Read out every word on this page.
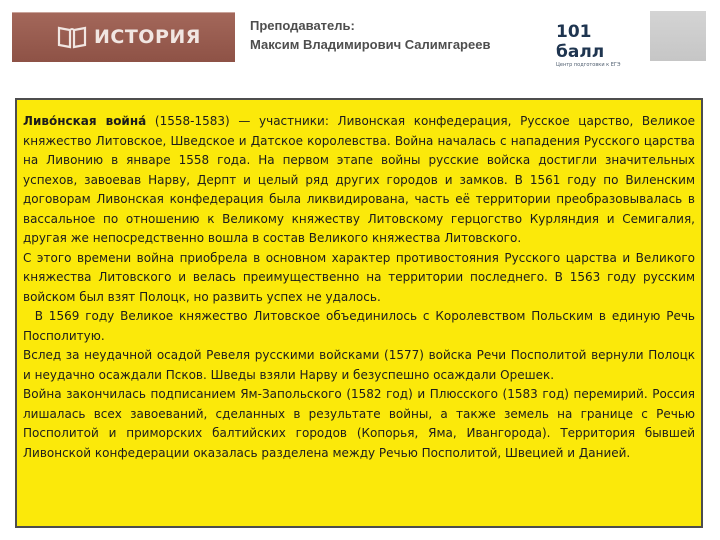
ИСТОРИЯ
Преподаватель:
Максим Владимирович Салимгареев
101 балл
Центр подготовки к ЕГЭ

Ливо́нская война́ (1558-1583) — участники: Ливонская конфедерация, Русское царство, Великое княжество Литовское, Шведское и Датское королевства. Война началась с нападения Русского царства на Ливонию в январе 1558 года. На первом этапе войны русские войска достигли значительных успехов, завоевав Нарву, Дерпт и целый ряд других городов и замков. В 1561 году по Виленским договорам Ливонская конфедерация была ликвидирована, часть её территории преобразовывалась в вассальное по отношению к Великому княжеству Литовскому герцогство Курляндия и Семигалия, другая же непосредственно вошла в состав Великого княжества Литовского.

С этого времени война приобрела в основном характер противостояния Русского царства и Великого княжества Литовского и велась преимущественно на территории последнего. В 1563 году русским войском был взят Полоцк, но развить успех не удалось.

В 1569 году Великое княжество Литовское объединилось с Королевством Польским в единую Речь Посполитую.

Вслед за неудачной осадой Ревеля русскими войсками (1577) войска Речи Посполитой вернули Полоцк и неудачно осаждали Псков. Шведы взяли Нарву и безуспешно осаждали Орешек.

Война закончилась подписанием Ям-Запольского (1582 год) и Плюсского (1583 год) перемирий. Россия лишалась всех завоеваний, сделанных в результате войны, а также земель на границе с Речью Посполитой и приморских балтийских городов (Копорья, Яма, Ивангорода). Территория бывшей Ливонской конфедерации оказалась разделена между Речью Посполитой, Швецией и Данией.
